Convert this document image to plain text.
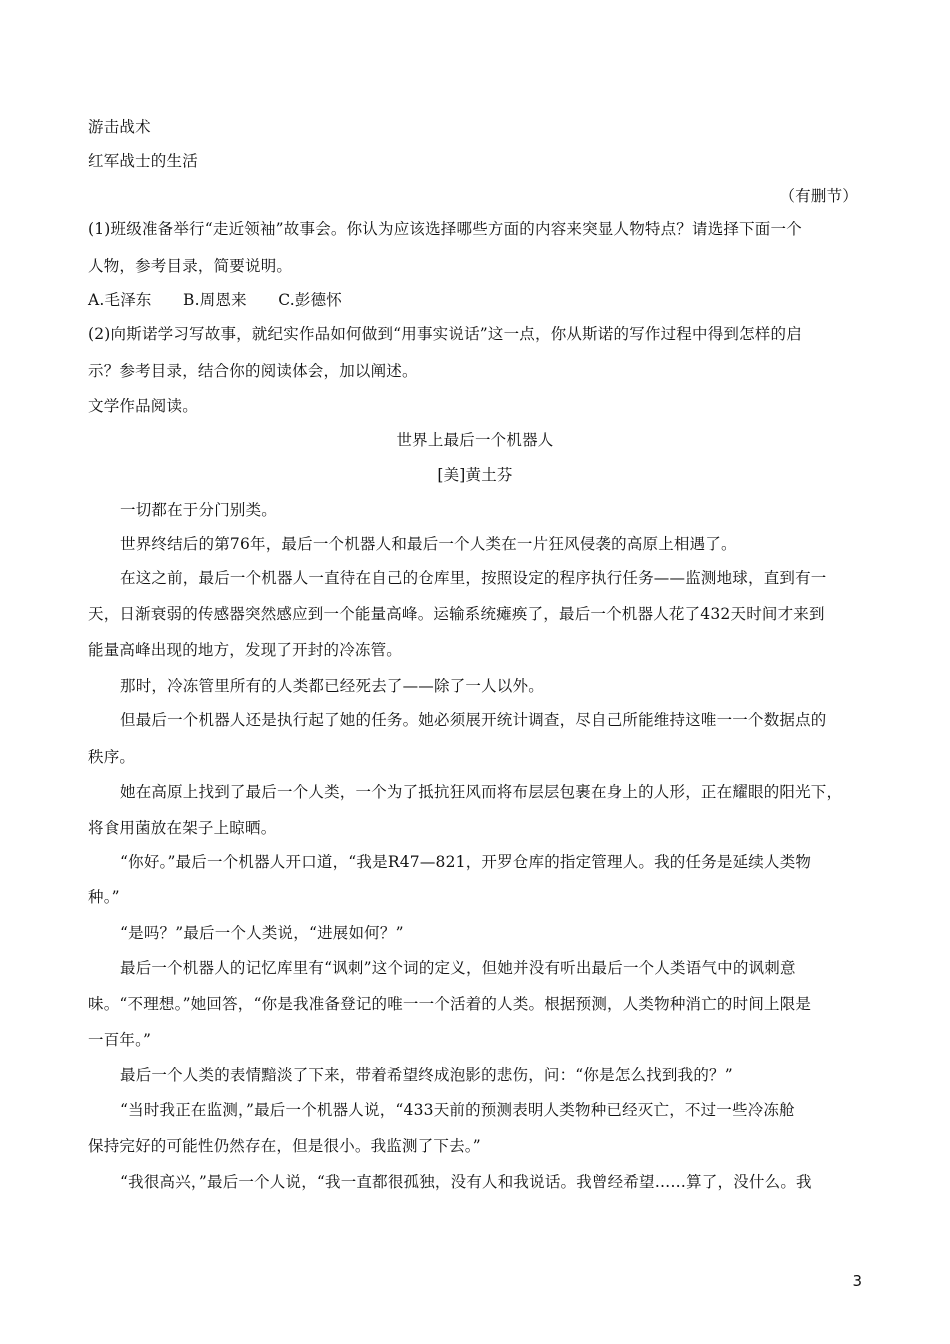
游击战术
红军战士的生活
（有删节）
(1)班级准备举行“走近领袖”故事会。你认为应该选择哪些方面的内容来突显人物特点？请选择下面一个
人物，参考目录，简要说明。
A.毛泽东　　B.周恩来　　C.彭德怀
(2)向斯诺学习写故事，就纪实作品如何做到“用事实说话”这一点，你从斯诺的写作过程中得到怎样的启
示？参考目录，结合你的阅读体会，加以阐述。
文学作品阅读。
世界上最后一个机器人
[美]黄土芬
一切都在于分门别类。
世界终结后的第76年，最后一个机器人和最后一个人类在一片狂风侵袭的高原上相遇了。
在这之前，最后一个机器人一直待在自己的仓库里，按照设定的程序执行任务——监测地球，直到有一
天，日渐衰弱的传感器突然感应到一个能量高峰。运输系统瘫痪了，最后一个机器人花了432天时间才来到
能量高峰出现的地方，发现了开封的冷冻管。
那时，冷冻管里所有的人类都已经死去了——除了一人以外。
但最后一个机器人还是执行起了她的任务。她必须展开统计调查，尽自己所能维持这唯一一个数据点的
秩序。
她在高原上找到了最后一个人类，一个为了抵抗狂风而将布层层包裹在身上的人形，正在耀眼的阳光下，
将食用菌放在架子上晾晒。
“你好。”最后一个机器人开口道，“我是R47—821，开罗仓库的指定管理人。我的任务是延续人类物
种。”
“是吗？”最后一个人类说，“进展如何？”
最后一个机器人的记忆库里有“讽刺”这个词的定义，但她并没有听出最后一个人类语气中的讽刺意
味。“不理想。”她回答，“你是我准备登记的唯一一个活着的人类。根据预测，人类物种消亡的时间上限是
一百年。”
最后一个人类的表情黯淡了下来，带着希望终成泡影的悲伤，问：“你是怎么找到我的？”
“当时我正在监测，”最后一个机器人说，“433天前的预测表明人类物种已经灭亡，不过一些冷冻舱
保持完好的可能性仍然存在，但是很小。我监测了下去。”
“我很高兴，”最后一个人说，“我一直都很孤独，没有人和我说话。我曾经希望……算了，没什么。我
3
